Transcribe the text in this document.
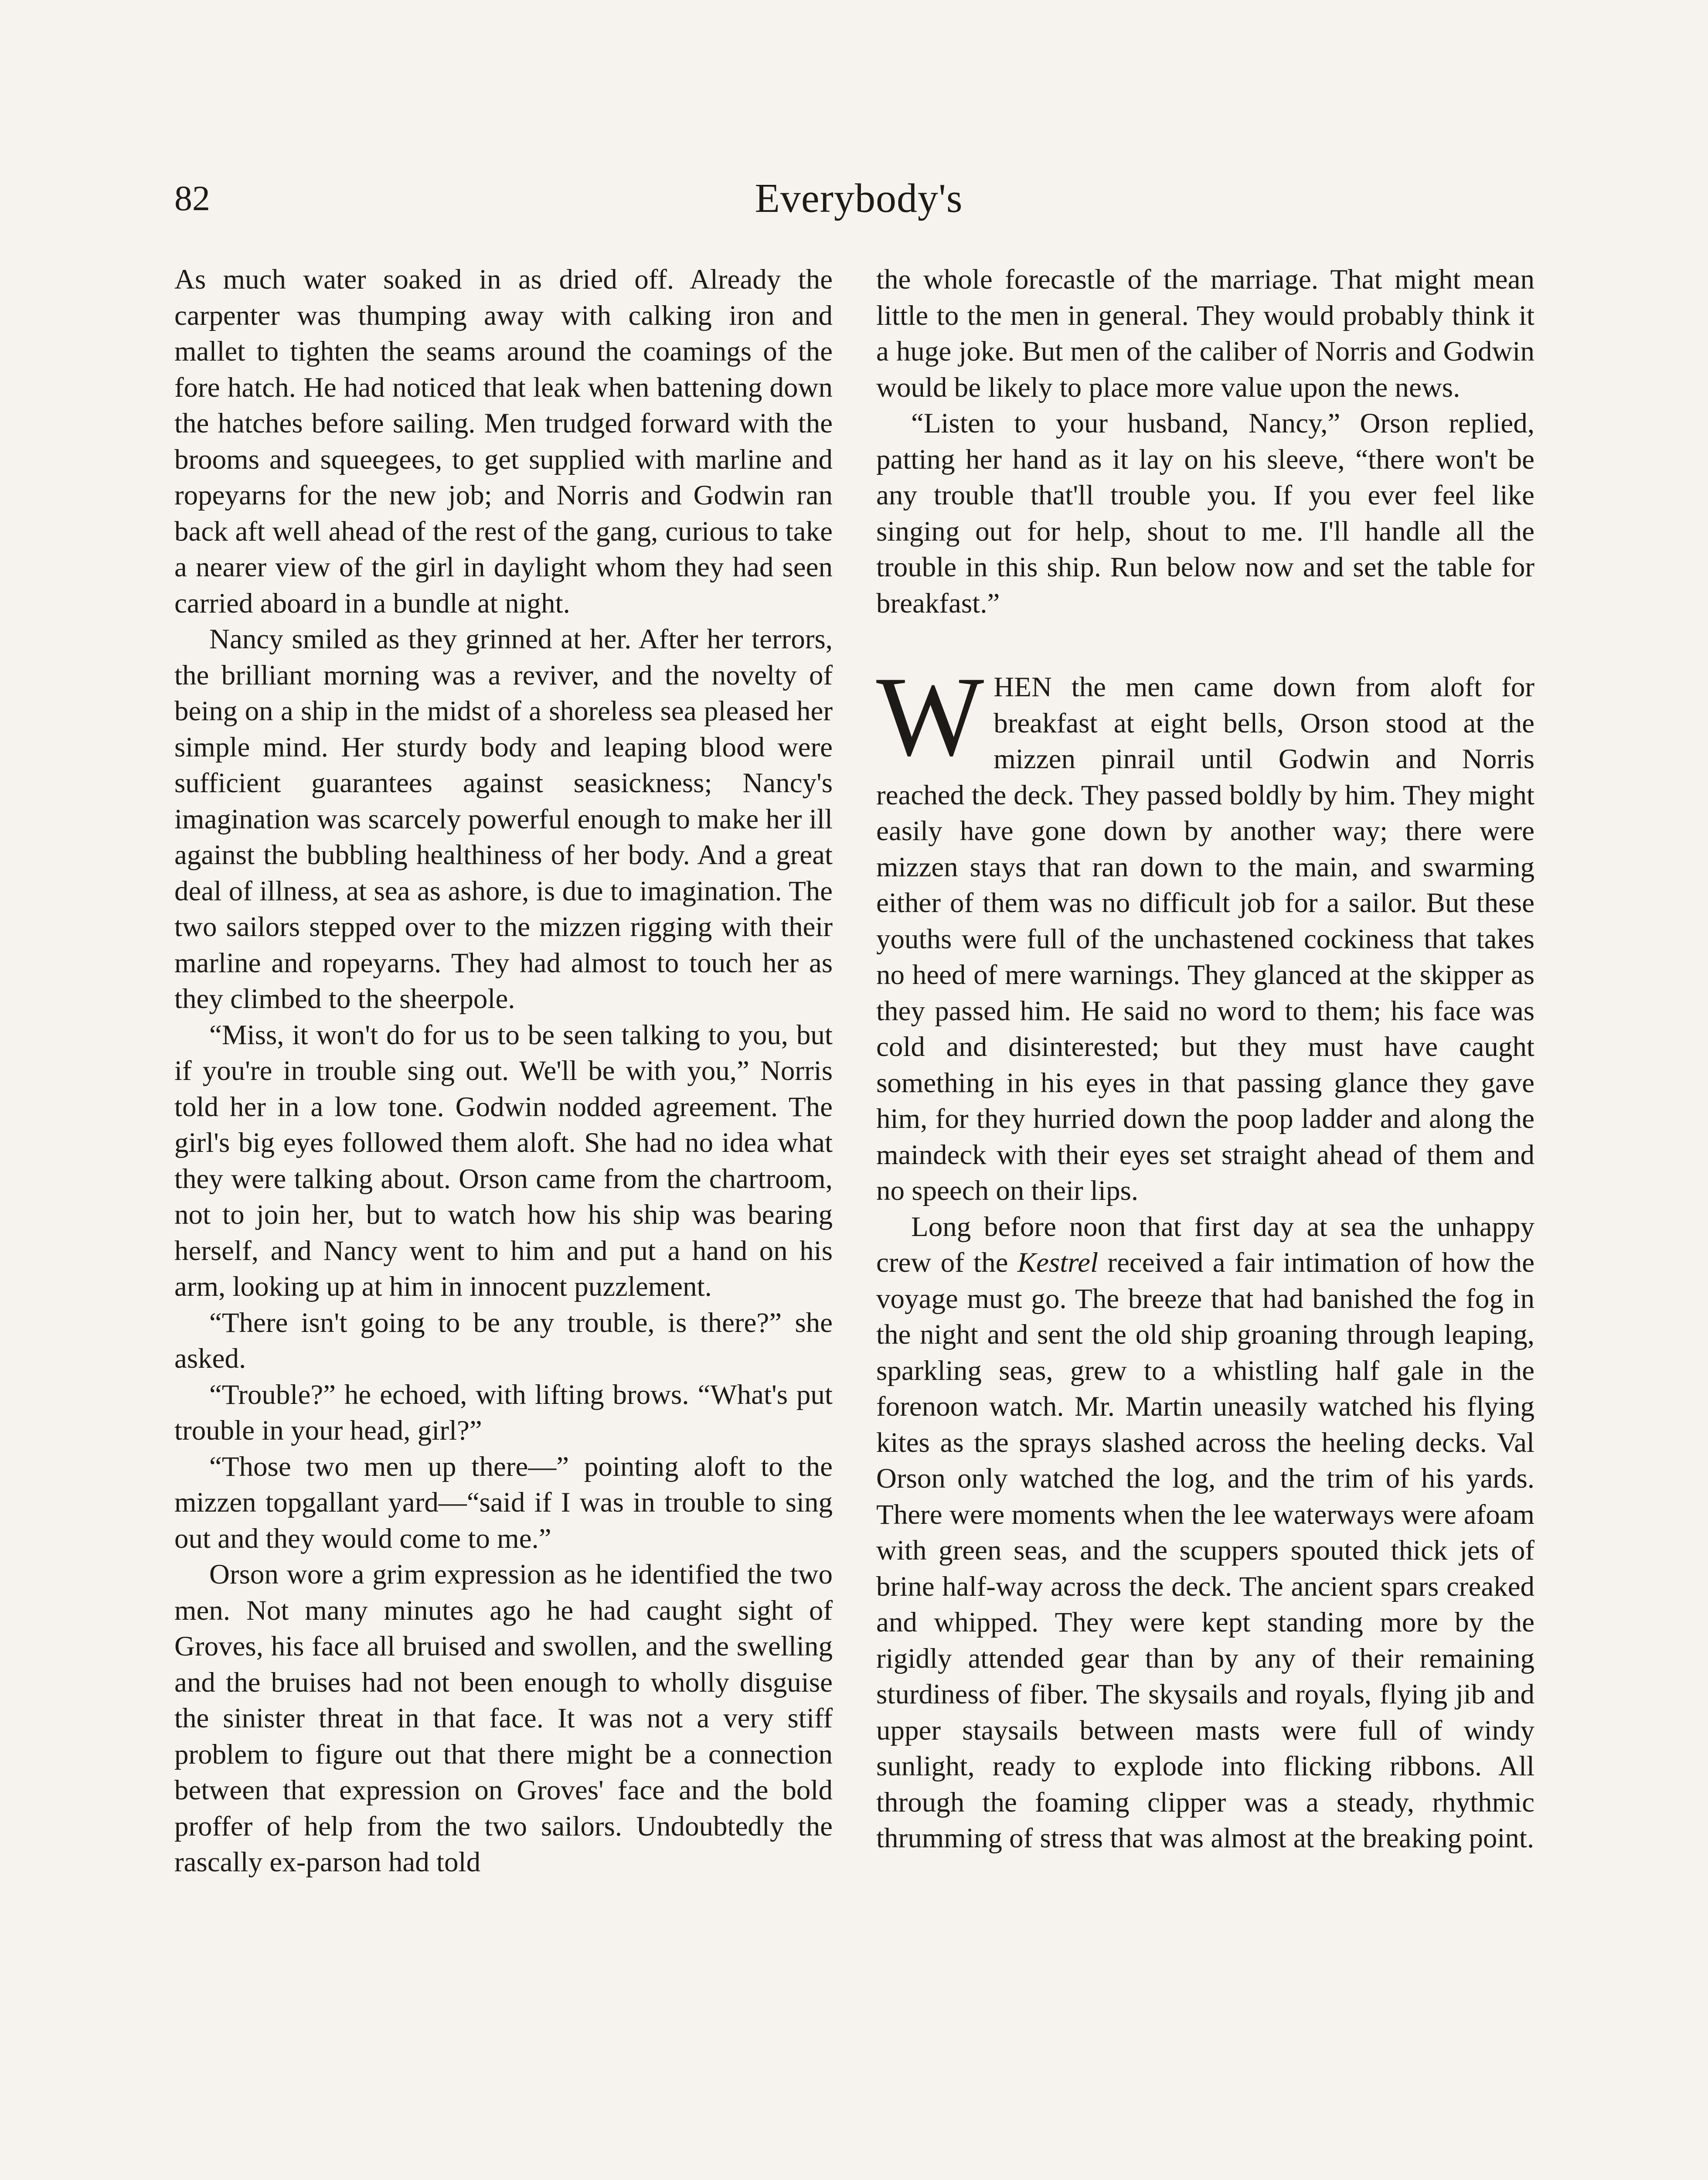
82	Everybody's

As much water soaked in as dried off. Already the carpenter was thumping away with calking iron and mallet to tighten the seams around the coamings of the fore hatch. He had noticed that leak when battening down the hatches before sailing. Men trudged forward with the brooms and squeegees, to get supplied with marline and ropeyarns for the new job; and Norris and Godwin ran back aft well ahead of the rest of the gang, curious to take a nearer view of the girl in daylight whom they had seen carried aboard in a bundle at night.

Nancy smiled as they grinned at her. After her terrors, the brilliant morning was a reviver, and the novelty of being on a ship in the midst of a shoreless sea pleased her simple mind. Her sturdy body and leaping blood were sufficient guarantees against seasickness; Nancy's imagination was scarcely powerful enough to make her ill against the bubbling healthiness of her body. And a great deal of illness, at sea as ashore, is due to imagination. The two sailors stepped over to the mizzen rigging with their marline and ropeyarns. They had almost to touch her as they climbed to the sheerpole.

“Miss, it won't do for us to be seen talking to you, but if you're in trouble sing out. We'll be with you,” Norris told her in a low tone. Godwin nodded agreement. The girl's big eyes followed them aloft. She had no idea what they were talking about. Orson came from the chartroom, not to join her, but to watch how his ship was bearing herself, and Nancy went to him and put a hand on his arm, looking up at him in innocent puzzlement.

“There isn't going to be any trouble, is there?” she asked.

“Trouble?” he echoed, with lifting brows. “What's put trouble in your head, girl?”

“Those two men up there—” pointing aloft to the mizzen topgallant yard—“said if I was in trouble to sing out and they would come to me.”

Orson wore a grim expression as he identified the two men. Not many minutes ago he had caught sight of Groves, his face all bruised and swollen, and the swelling and the bruises had not been enough to wholly disguise the sinister threat in that face. It was not a very stiff problem to figure out that there might be a connection between that expression on Groves' face and the bold proffer of help from the two sailors. Undoubtedly the rascally ex-parson had told

the whole forecastle of the marriage. That might mean little to the men in general. They would probably think it a huge joke. But men of the caliber of Norris and Godwin would be likely to place more value upon the news.

“Listen to your husband, Nancy,” Orson replied, patting her hand as it lay on his sleeve, “there won't be any trouble that'll trouble you. If you ever feel like singing out for help, shout to me. I'll handle all the trouble in this ship. Run below now and set the table for breakfast.”

WHEN the men came down from aloft for breakfast at eight bells, Orson stood at the mizzen pinrail until Godwin and Norris reached the deck. They passed boldly by him. They might easily have gone down by another way; there were mizzen stays that ran down to the main, and swarming either of them was no difficult job for a sailor. But these youths were full of the unchastened cockiness that takes no heed of mere warnings. They glanced at the skipper as they passed him. He said no word to them; his face was cold and disinterested; but they must have caught something in his eyes in that passing glance they gave him, for they hurried down the poop ladder and along the maindeck with their eyes set straight ahead of them and no speech on their lips.

Long before noon that first day at sea the unhappy crew of the Kestrel received a fair intimation of how the voyage must go. The breeze that had banished the fog in the night and sent the old ship groaning through leaping, sparkling seas, grew to a whistling half gale in the forenoon watch. Mr. Martin uneasily watched his flying kites as the sprays slashed across the heeling decks. Val Orson only watched the log, and the trim of his yards. There were moments when the lee waterways were afoam with green seas, and the scuppers spouted thick jets of brine half-way across the deck. The ancient spars creaked and whipped. They were kept standing more by the rigidly attended gear than by any of their remaining sturdiness of fiber. The skysails and royals, flying jib and upper staysails between masts were full of windy sunlight, ready to explode into flicking ribbons. All through the foaming clipper was a steady, rhythmic thrumming of stress that was almost at the breaking point.
